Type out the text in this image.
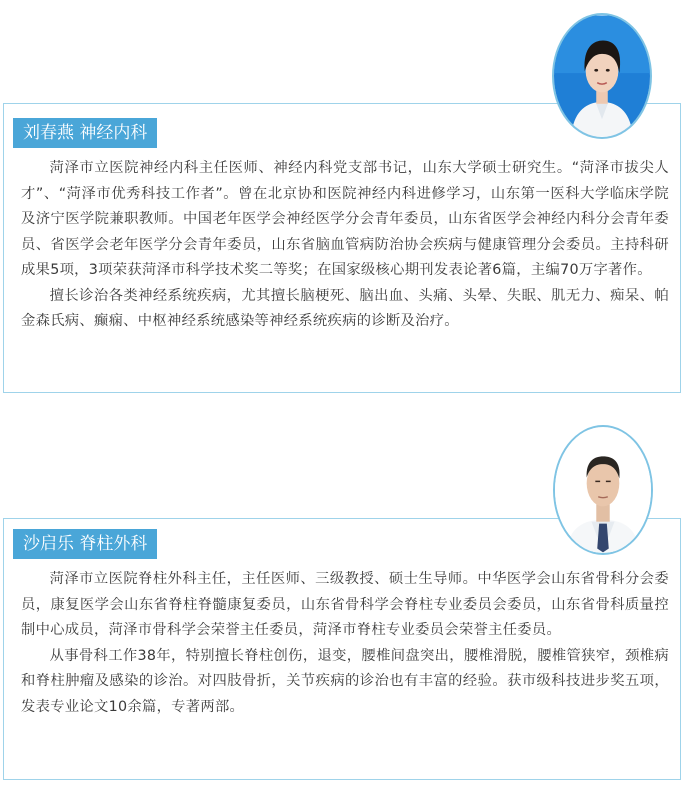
刘春燕 神经内科

菏泽市立医院神经内科主任医师、神经内科党支部书记，山东大学硕士研究生。“菏泽市拔尖人才”、“菏泽市优秀科技工作者”。曾在北京协和医院神经内科进修学习，山东第一医科大学临床学院及济宁医学院兼职教师。中国老年医学会神经医学分会青年委员，山东省医学会神经内科分会青年委员、省医学会老年医学分会青年委员，山东省脑血管病防治协会疾病与健康管理分会委员。主持科研成果5项，3项荣获菏泽市科学技术奖二等奖；在国家级核心期刊发表论著6篇，主编70万字著作。

擅长诊治各类神经系统疾病，尤其擅长脑梗死、脑出血、头痛、头晕、失眠、肌无力、痴呆、帕金森氏病、癫痫、中枢神经系统感染等神经系统疾病的诊断及治疗。

沙启乐 脊柱外科

菏泽市立医院脊柱外科主任，主任医师、三级教授、硕士生导师。中华医学会山东省骨科分会委员，康复医学会山东省脊柱脊髓康复委员，山东省骨科学会脊柱专业委员会委员，山东省骨科质量控制中心成员，菏泽市骨科学会荣誉主任委员，菏泽市脊柱专业委员会荣誉主任委员。

从事骨科工作38年，特别擅长脊柱创伤，退变，腰椎间盘突出，腰椎滑脱，腰椎管狭窄，颈椎病和脊柱肿瘤及感染的诊治。对四肢骨折，关节疾病的诊治也有丰富的经验。获市级科技进步奖五项，发表专业论文10余篇，专著两部。
